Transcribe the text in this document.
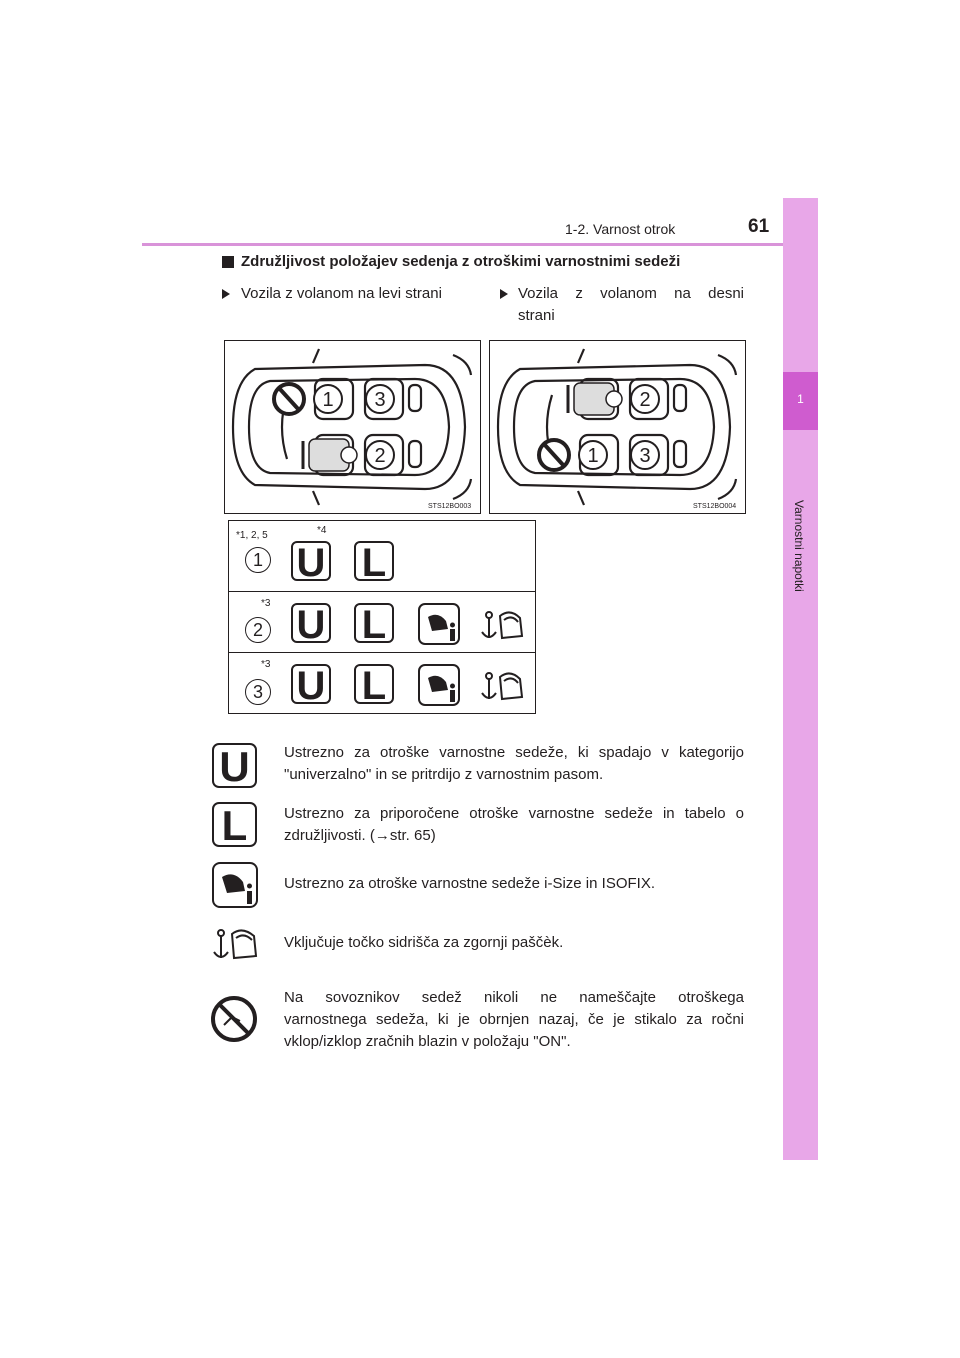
1-2. Varnost otrok	61
1
Varnostni napotki
Združljivost položajev sedenja z otroškimi varnostnimi sedeži
Vozila z volanom na levi strani	Vozila z volanom na desni
strani
1 3
2
STS12BO003
2
1 3
STS12BO004
*1, 2, 5	*4
1 U L
*3
2 U L
*3
3 U L
U	Ustrezno za otroške varnostne sedeže, ki spadajo v kategorijo
"univerzalno" in se pritrdijo z varnostnim pasom.
L	Ustrezno za priporočene otroške varnostne sedeže in tabelo o
združljivosti. (→str. 65)
Ustrezno za otroške varnostne sedeže i-Size in ISOFIX.
Vključuje točko sidrišča za zgornji paščèk.
Na sovoznikov sedež nikoli ne nameščajte otroškega
varnostnega sedeža, ki je obrnjen nazaj, če je stikalo za ročni
vklop/izklop zračnih blazin v položaju "ON".
